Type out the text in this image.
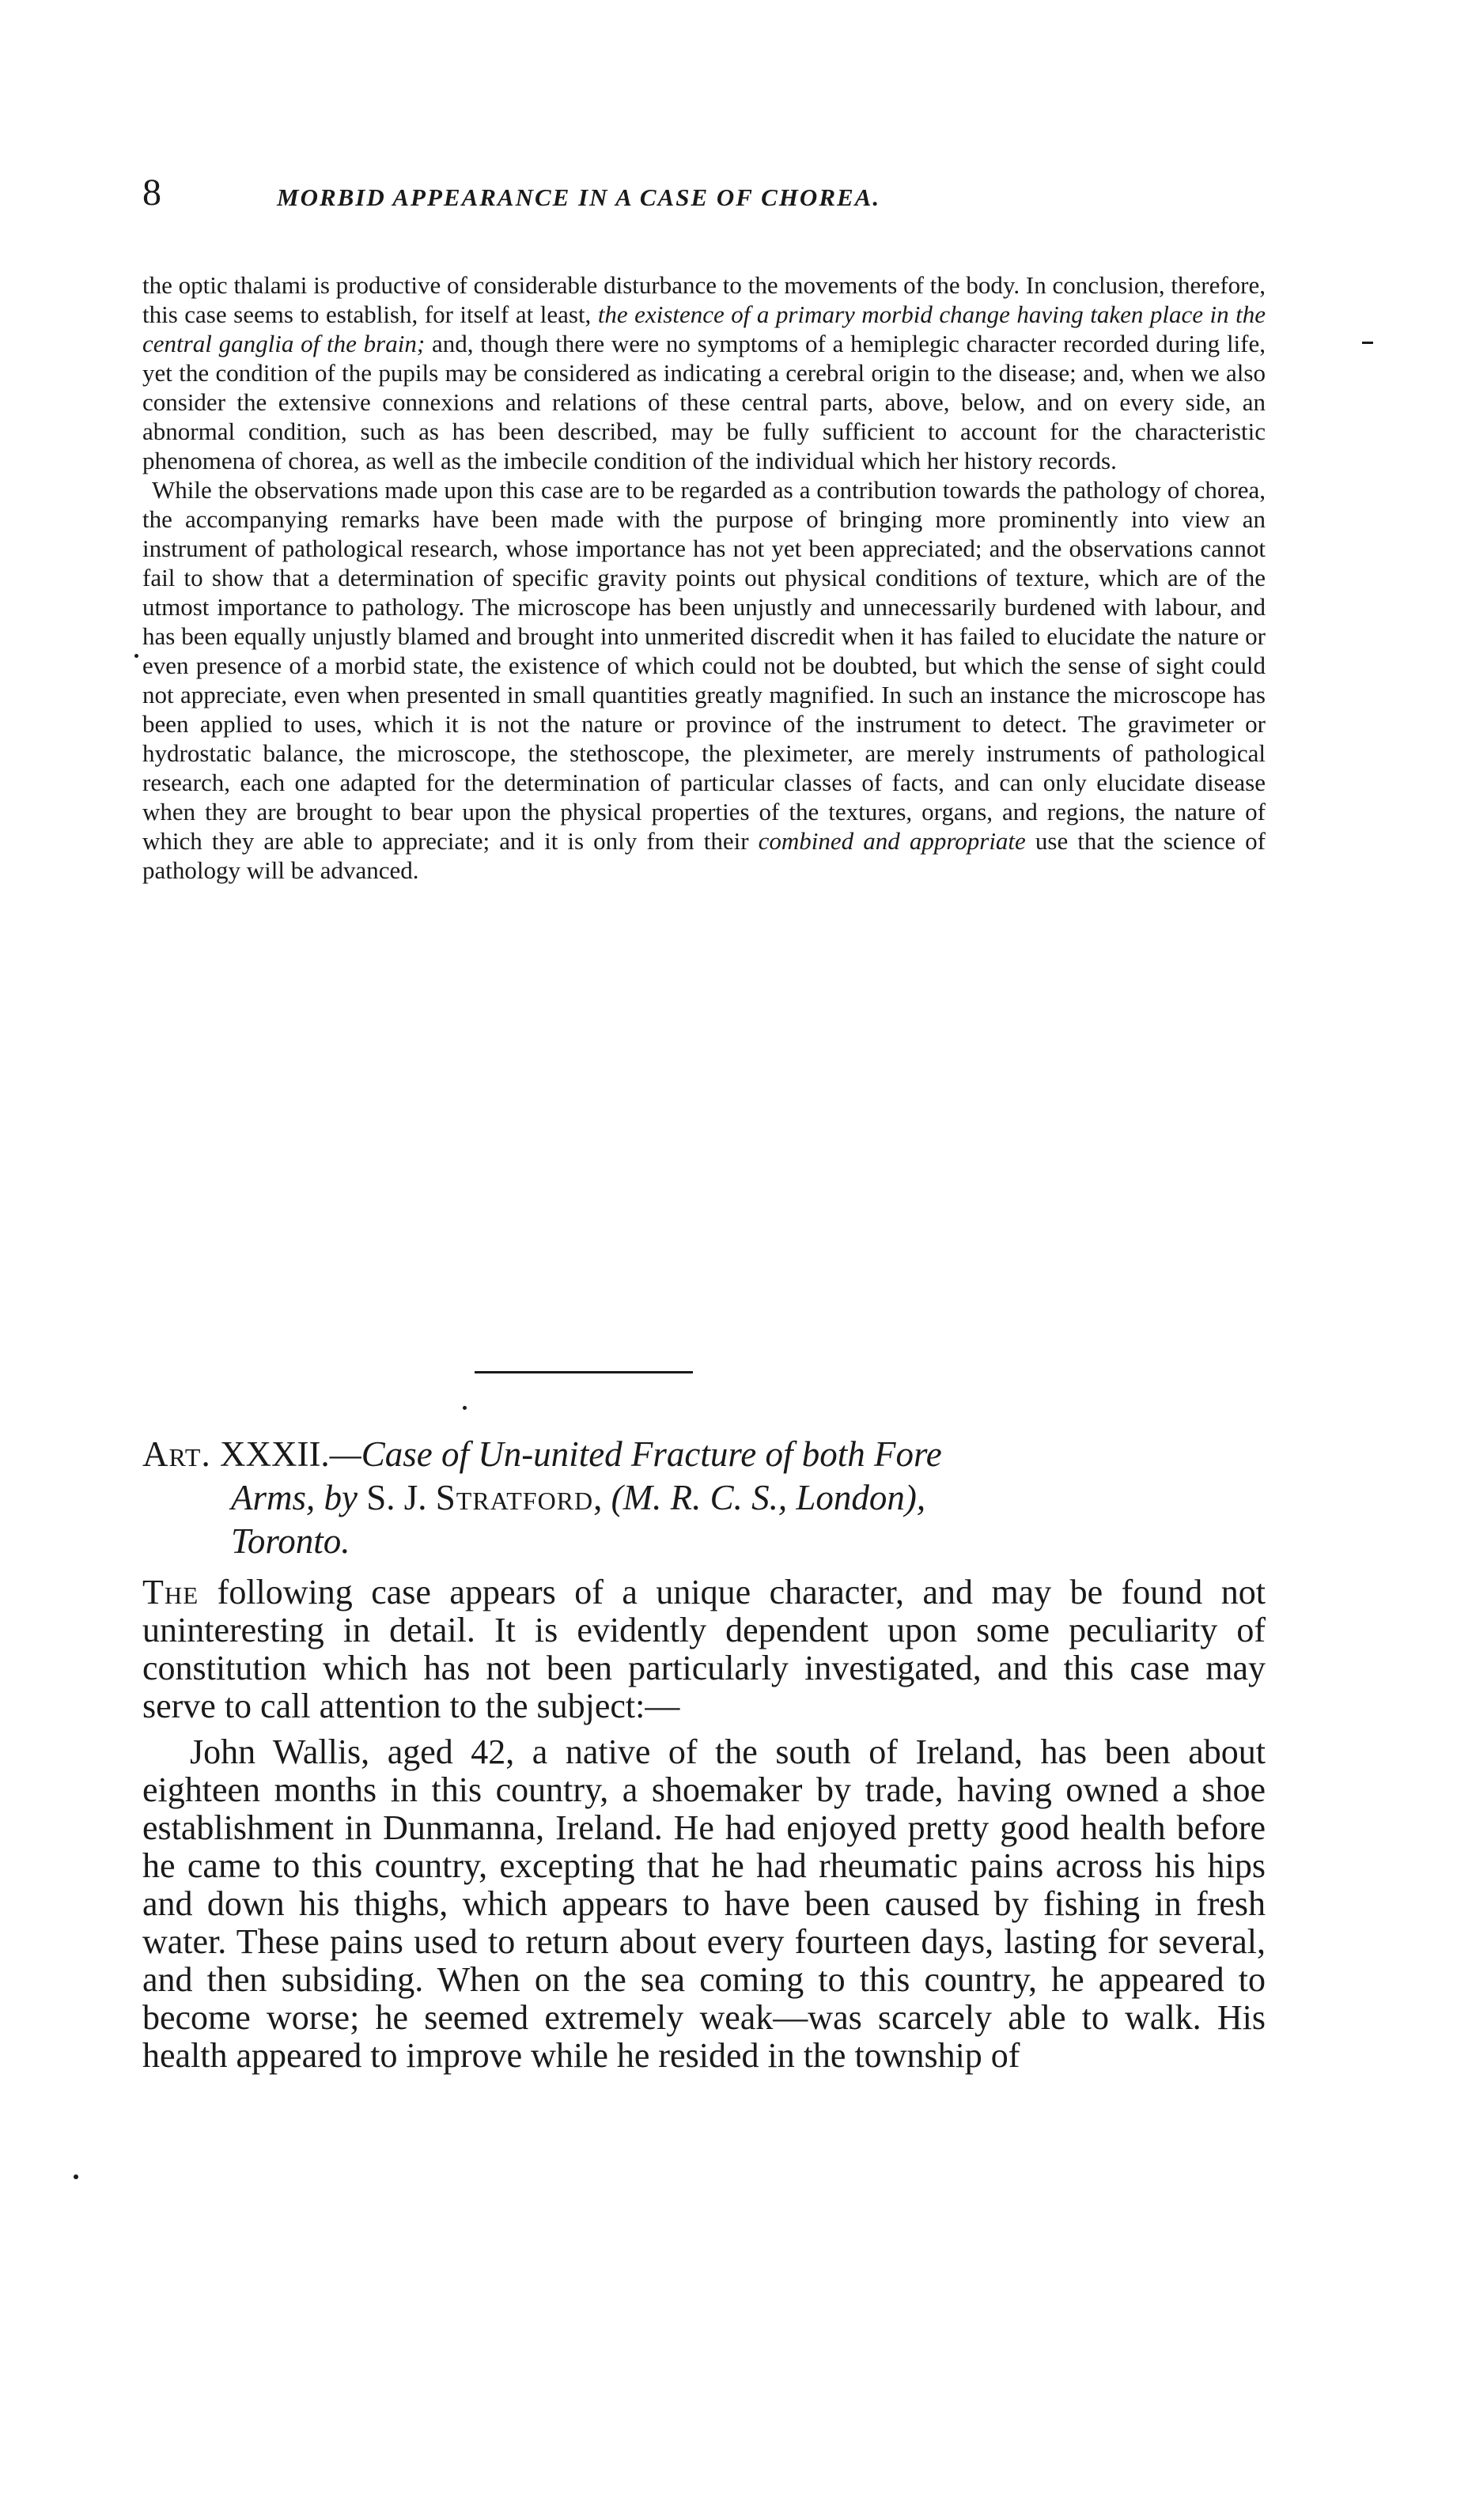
8	MORBID APPEARANCE IN A CASE OF CHOREA.

the optic thalami is productive of considerable disturbance to the movements of the body. In conclusion, therefore, this case seems to establish, for itself at least, the existence of a primary morbid change having taken place in the central ganglia of the brain; and, though there were no symptoms of a hemiplegic character recorded during life, yet the condition of the pupils may be considered as indicating a cerebral origin to the disease; and, when we also consider the extensive connexions and relations of these central parts, above, below, and on every side, an abnormal condition, such as has been described, may be fully sufficient to account for the characteristic phenomena of chorea, as well as the imbecile condition of the individual which her history records.

While the observations made upon this case are to be regarded as a contribution towards the pathology of chorea, the accompanying remarks have been made with the purpose of bringing more prominently into view an instrument of pathological research, whose importance has not yet been appreciated; and the observations cannot fail to show that a determination of specific gravity points out physical conditions of texture, which are of the utmost importance to pathology. The microscope has been unjustly and unnecessarily burdened with labour, and has been equally unjustly blamed and brought into unmerited discredit when it has failed to elucidate the nature or even presence of a morbid state, the existence of which could not be doubted, but which the sense of sight could not appreciate, even when presented in small quantities greatly magnified. In such an instance the microscope has been applied to uses, which it is not the nature or province of the instrument to detect. The gravimeter or hydrostatic balance, the microscope, the stethoscope, the pleximeter, are merely instruments of pathological research, each one adapted for the determination of particular classes of facts, and can only elucidate disease when they are brought to bear upon the physical properties of the textures, organs, and regions, the nature of which they are able to appreciate; and it is only from their combined and appropriate use that the science of pathology will be advanced.

Art. XXXII.—Case of Un-united Fracture of both Fore
Arms, by S. J. Stratford, (M. R. C. S., London),
Toronto.

The following case appears of a unique character, and may be found not uninteresting in detail. It is evidently dependent upon some peculiarity of constitution which has not been particularly investigated, and this case may serve to call attention to the subject:—

John Wallis, aged 42, a native of the south of Ireland, has been about eighteen months in this country, a shoemaker by trade, having owned a shoe establishment in Dunmanna, Ireland. He had enjoyed pretty good health before he came to this country, excepting that he had rheumatic pains across his hips and down his thighs, which appears to have been caused by fishing in fresh water. These pains used to return about every fourteen days, lasting for several, and then subsiding. When on the sea coming to this country, he appeared to become worse; he seemed extremely weak—was scarcely able to walk. His health appeared to improve while he resided in the township of
